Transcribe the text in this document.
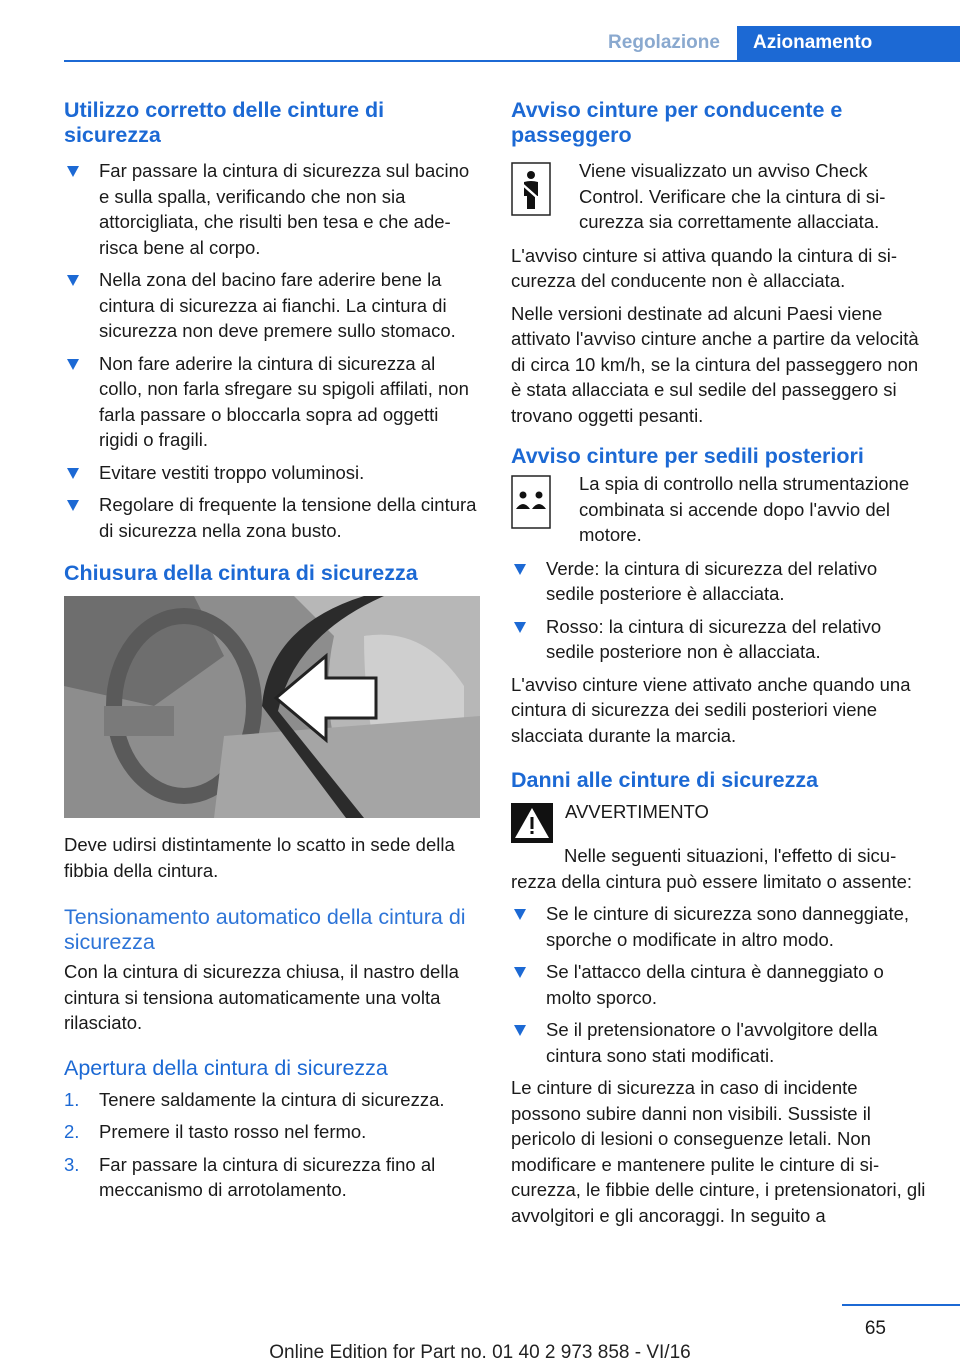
Regolazione	Azionamento
Utilizzo corretto delle cinture di sicurezza
Far passare la cintura di sicurezza sul bacino e sulla spalla, verificando che non sia attorcigliata, che risulti ben tesa e che aderisca bene al corpo.
Nella zona del bacino fare aderire bene la cintura di sicurezza ai fianchi. La cintura di sicurezza non deve premere sullo stomaco.
Non fare aderire la cintura di sicurezza al collo, non farla sfregare su spigoli affilati, non farla passare o bloccarla sopra ad oggetti rigidi o fragili.
Evitare vestiti troppo voluminosi.
Regolare di frequente la tensione della cintura di sicurezza nella zona busto.
Chiusura della cintura di sicurezza

Deve udirsi distintamente lo scatto in sede della fibbia della cintura.

Tensionamento automatico della cintura di sicurezza

Con la cintura di sicurezza chiusa, il nastro della cintura si tensiona automaticamente una volta rilasciato.

Apertura della cintura di sicurezza
1. Tenere saldamente la cintura di sicurezza.
2. Premere il tasto rosso nel fermo.
3. Far passare la cintura di sicurezza fino al meccanismo di arrotolamento.
Avviso cinture per conducente e passeggero
Viene visualizzato un avviso Check Control. Verificare che la cintura di sicurezza sia correttamente allacciata.

L'avviso cinture si attiva quando la cintura di sicurezza del conducente non è allacciata.

Nelle versioni destinate ad alcuni Paesi viene attivato l'avviso cinture anche a partire da velocità di circa 10 km/h, se la cintura del passeggero non è stata allacciata e sul sedile del passeggero si trovano oggetti pesanti.

Avviso cinture per sedili posteriori
La spia di controllo nella strumentazione combinata si accende dopo l'avvio del motore.
Verde: la cintura di sicurezza del relativo sedile posteriore è allacciata.
Rosso: la cintura di sicurezza del relativo sedile posteriore non è allacciata.

L'avviso cinture viene attivato anche quando una cintura di sicurezza dei sedili posteriori viene slacciata durante la marcia.

Danni alle cinture di sicurezza
AVVERTIMENTO

Nelle seguenti situazioni, l'effetto di sicurezza della cintura può essere limitato o assente:

Se le cinture di sicurezza sono danneggiate, sporche o modificate in altro modo.
Se l'attacco della cintura è danneggiato o molto sporco.
Se il pretensionatore o l'avvolgitore della cintura sono stati modificati.

Le cinture di sicurezza in caso di incidente possono subire danni non visibili. Sussiste il pericolo di lesioni o conseguenze letali. Non modificare e mantenere pulite le cinture di sicurezza, le fibbie delle cinture, i pretensionatori, gli avvolgitori e gli ancoraggi. In seguito a

65
Online Edition for Part no. 01 40 2 973 858 - VI/16
